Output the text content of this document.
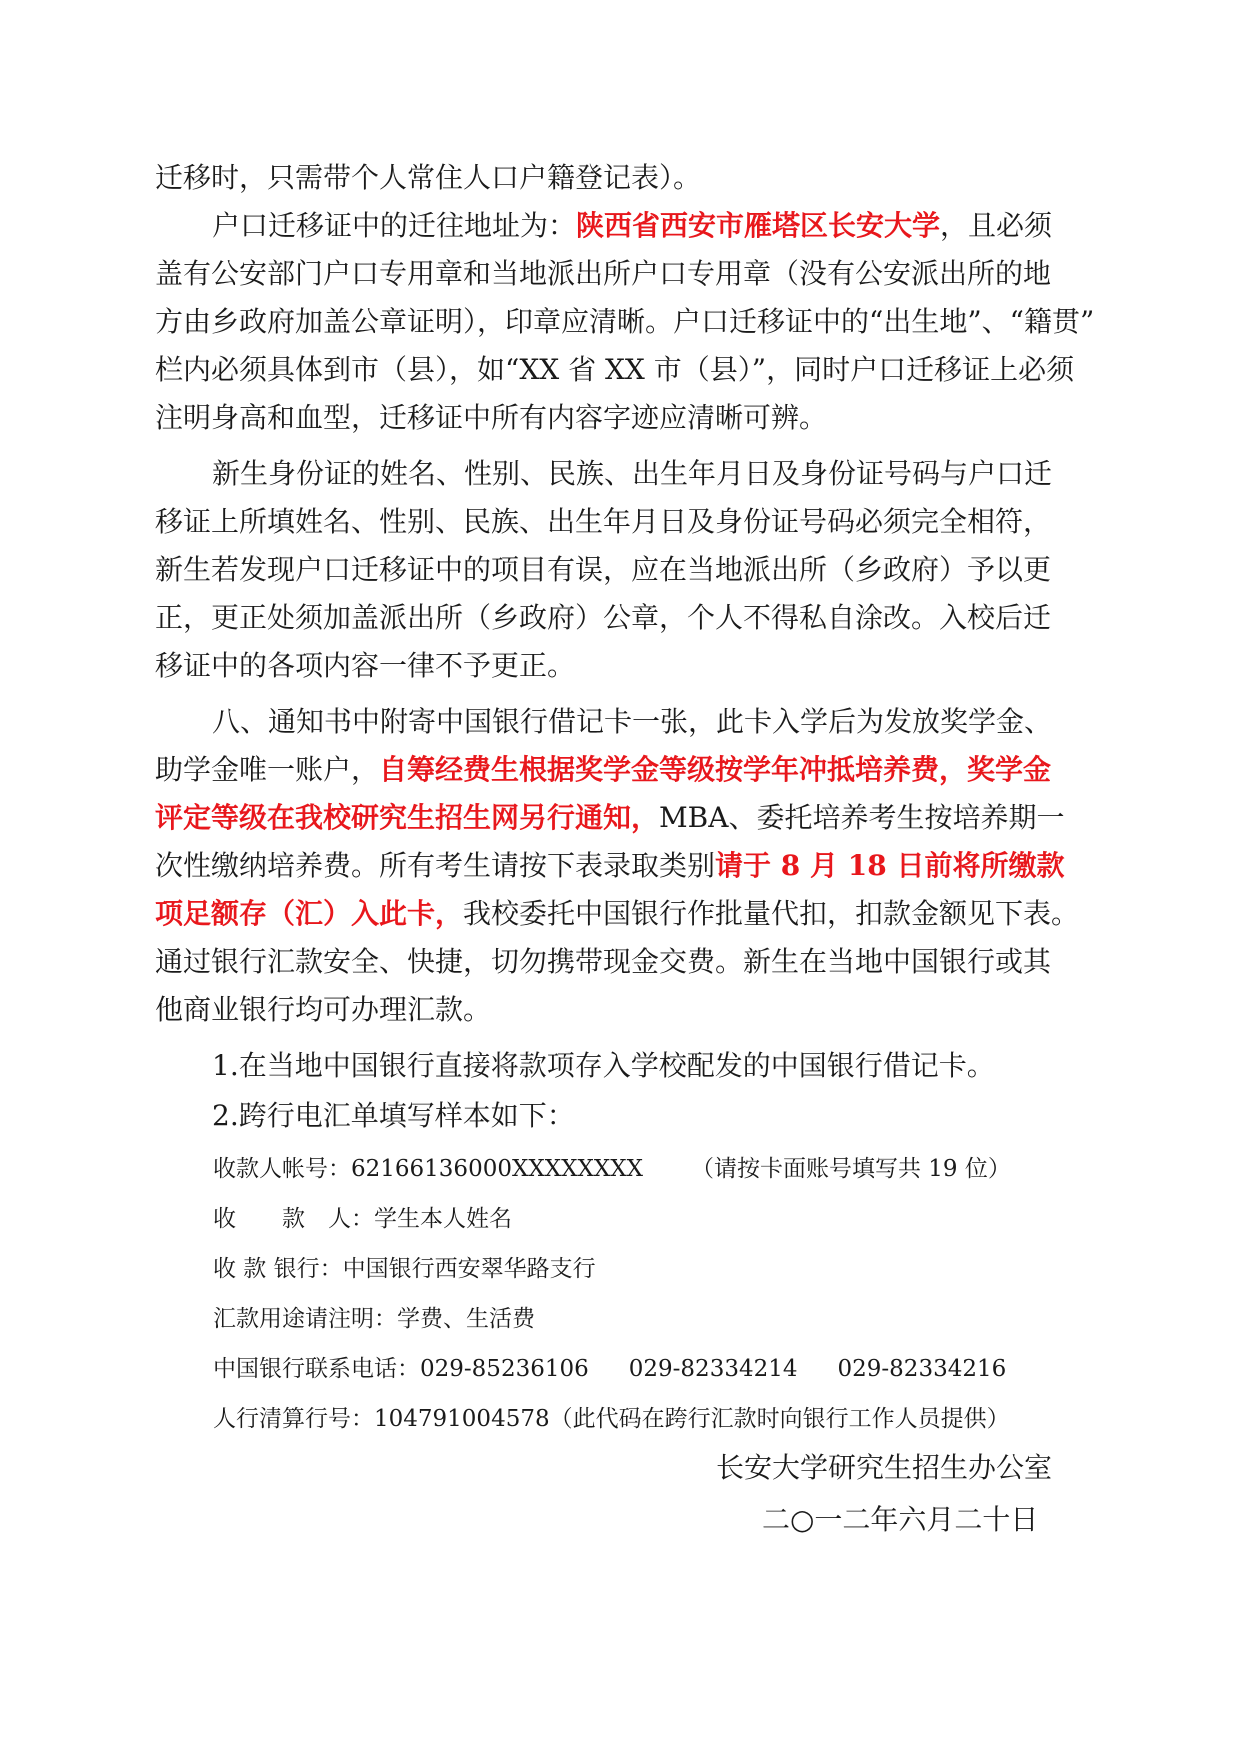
迁移时，只需带个人常住人口户籍登记表）。
户口迁移证中的迁往地址为：陕西省西安市雁塔区长安大学，且必须
盖有公安部门户口专用章和当地派出所户口专用章（没有公安派出所的地
方由乡政府加盖公章证明），印章应清晰。户口迁移证中的“出生地”、“籍贯”
栏内必须具体到市（县），如“XX 省 XX 市（县）”，同时户口迁移证上必须
注明身高和血型，迁移证中所有内容字迹应清晰可辨。
新生身份证的姓名、性别、民族、出生年月日及身份证号码与户口迁
移证上所填姓名、性别、民族、出生年月日及身份证号码必须完全相符，
新生若发现户口迁移证中的项目有误，应在当地派出所（乡政府）予以更
正，更正处须加盖派出所（乡政府）公章，个人不得私自涂改。入校后迁
移证中的各项内容一律不予更正。
八、通知书中附寄中国银行借记卡一张，此卡入学后为发放奖学金、
助学金唯一账户，自筹经费生根据奖学金等级按学年冲抵培养费，奖学金
评定等级在我校研究生招生网另行通知，MBA、委托培养考生按培养期一
次性缴纳培养费。所有考生请按下表录取类别请于 8 月 18 日前将所缴款
项足额存（汇）入此卡，我校委托中国银行作批量代扣，扣款金额见下表。
通过银行汇款安全、快捷，切勿携带现金交费。新生在当地中国银行或其
他商业银行均可办理汇款。
1.在当地中国银行直接将款项存入学校配发的中国银行借记卡。
2.跨行电汇单填写样本如下：
收款人帐号：62166136000XXXXXXXX （请按卡面账号填写共 19 位）
收　　款　人：学生本人姓名
收 款 银行：中国银行西安翠华路支行
汇款用途请注明：学费、生活费
中国银行联系电话：029-85236106 029-82334214 029-82334216
人行清算行号：104791004578（此代码在跨行汇款时向银行工作人员提供）
长安大学研究生招生办公室
二○一二年六月二十日
